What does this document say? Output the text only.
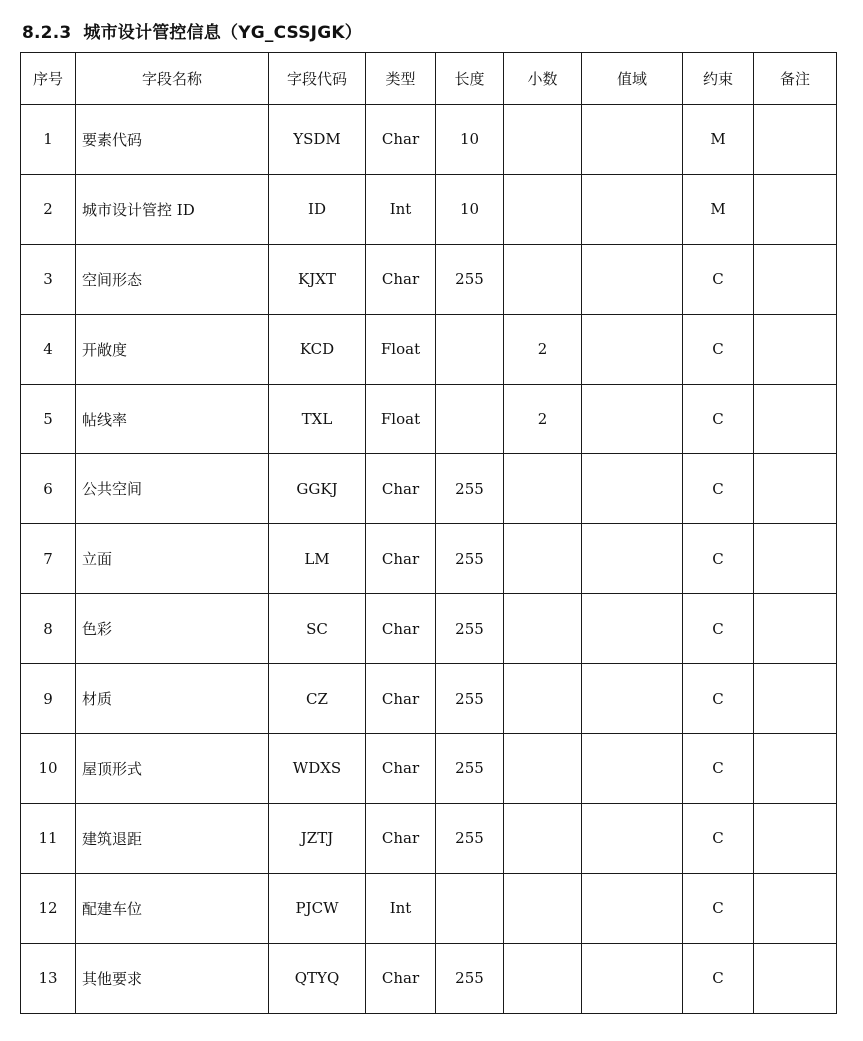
8.2.3 城市设计管控信息（YG_CSSJGK）
序号	字段名称	字段代码	类型	长度	小数	值域	约束	备注
1	要素代码	YSDM	Char	10			M	
2	城市设计管控 ID	ID	Int	10			M	
3	空间形态	KJXT	Char	255			C	
4	开敞度	KCD	Float		2		C	
5	帖线率	TXL	Float		2		C	
6	公共空间	GGKJ	Char	255			C	
7	立面	LM	Char	255			C	
8	色彩	SC	Char	255			C	
9	材质	CZ	Char	255			C	
10	屋顶形式	WDXS	Char	255			C	
11	建筑退距	JZTJ	Char	255			C	
12	配建车位	PJCW	Int				C	
13	其他要求	QTYQ	Char	255			C	
